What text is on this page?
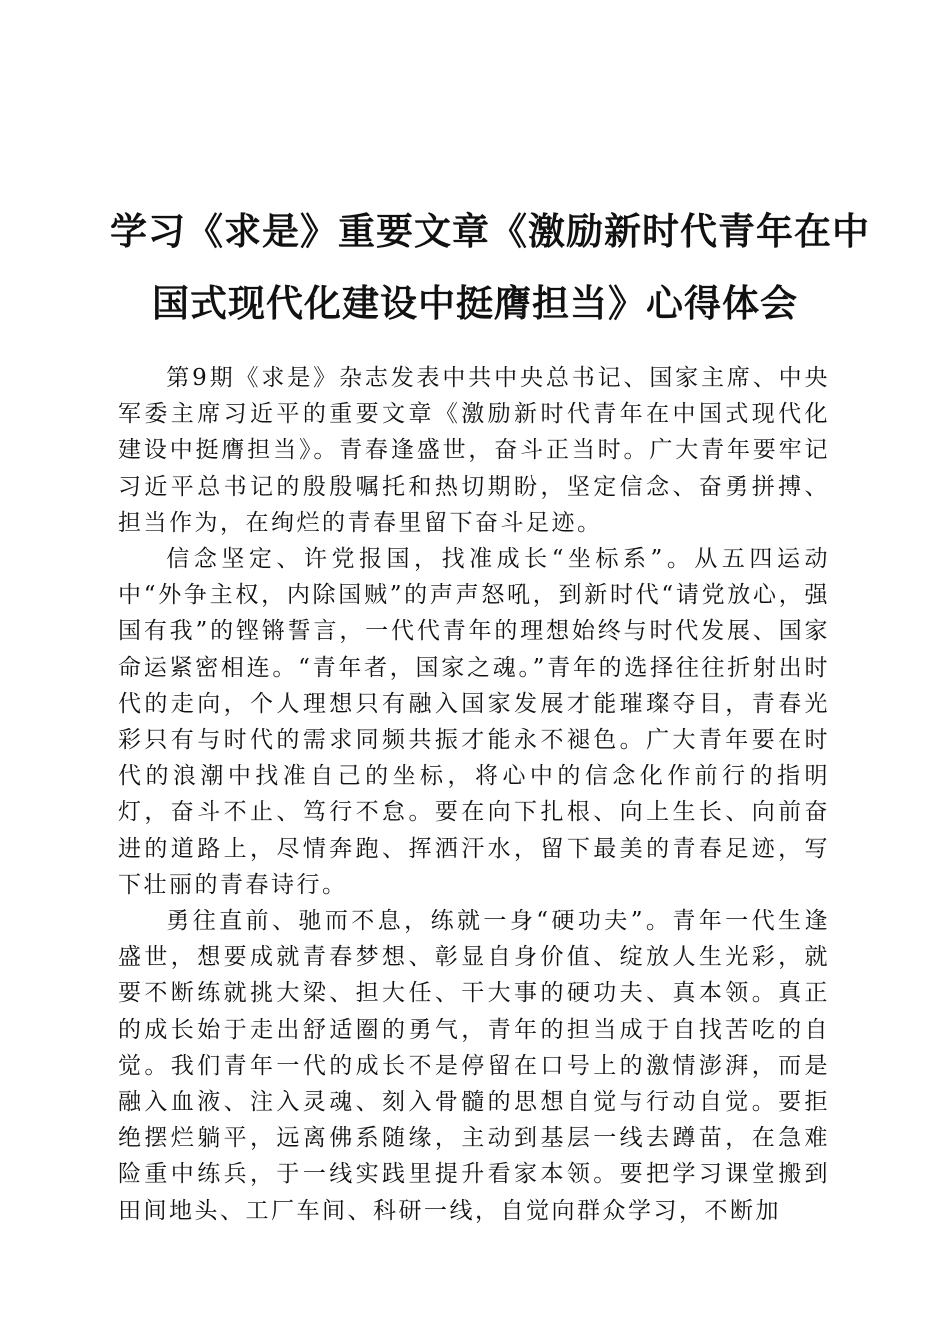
学习《求是》重要文章《激励新时代青年在中
国式现代化建设中挺膺担当》心得体会

第9期《求是》杂志发表中共中央总书记、国家主席、中央军委主席习近平的重要文章《激励新时代青年在中国式现代化建设中挺膺担当》。青春逢盛世，奋斗正当时。广大青年要牢记习近平总书记的殷殷嘱托和热切期盼，坚定信念、奋勇拼搏、担当作为，在绚烂的青春里留下奋斗足迹。

信念坚定、许党报国，找准成长“坐标系”。从五四运动中“外争主权，内除国贼”的声声怒吼，到新时代“请党放心，强国有我”的铿锵誓言，一代代青年的理想始终与时代发展、国家命运紧密相连。“青年者，国家之魂。”青年的选择往往折射出时代的走向，个人理想只有融入国家发展才能璀璨夺目，青春光彩只有与时代的需求同频共振才能永不褪色。广大青年要在时代的浪潮中找准自己的坐标，将心中的信念化作前行的指明灯，奋斗不止、笃行不怠。要在向下扎根、向上生长、向前奋进的道路上，尽情奔跑、挥洒汗水，留下最美的青春足迹，写下壮丽的青春诗行。

勇往直前、驰而不息，练就一身“硬功夫”。青年一代生逢盛世，想要成就青春梦想、彰显自身价值、绽放人生光彩，就要不断练就挑大梁、担大任、干大事的硬功夫、真本领。真正的成长始于走出舒适圈的勇气，青年的担当成于自找苦吃的自觉。我们青年一代的成长不是停留在口号上的激情澎湃，而是融入血液、注入灵魂、刻入骨髓的思想自觉与行动自觉。要拒绝摆烂躺平，远离佛系随缘，主动到基层一线去蹲苗，在急难险重中练兵，于一线实践里提升看家本领。要把学习课堂搬到田间地头、工厂车间、科研一线，自觉向群众学习，不断加
